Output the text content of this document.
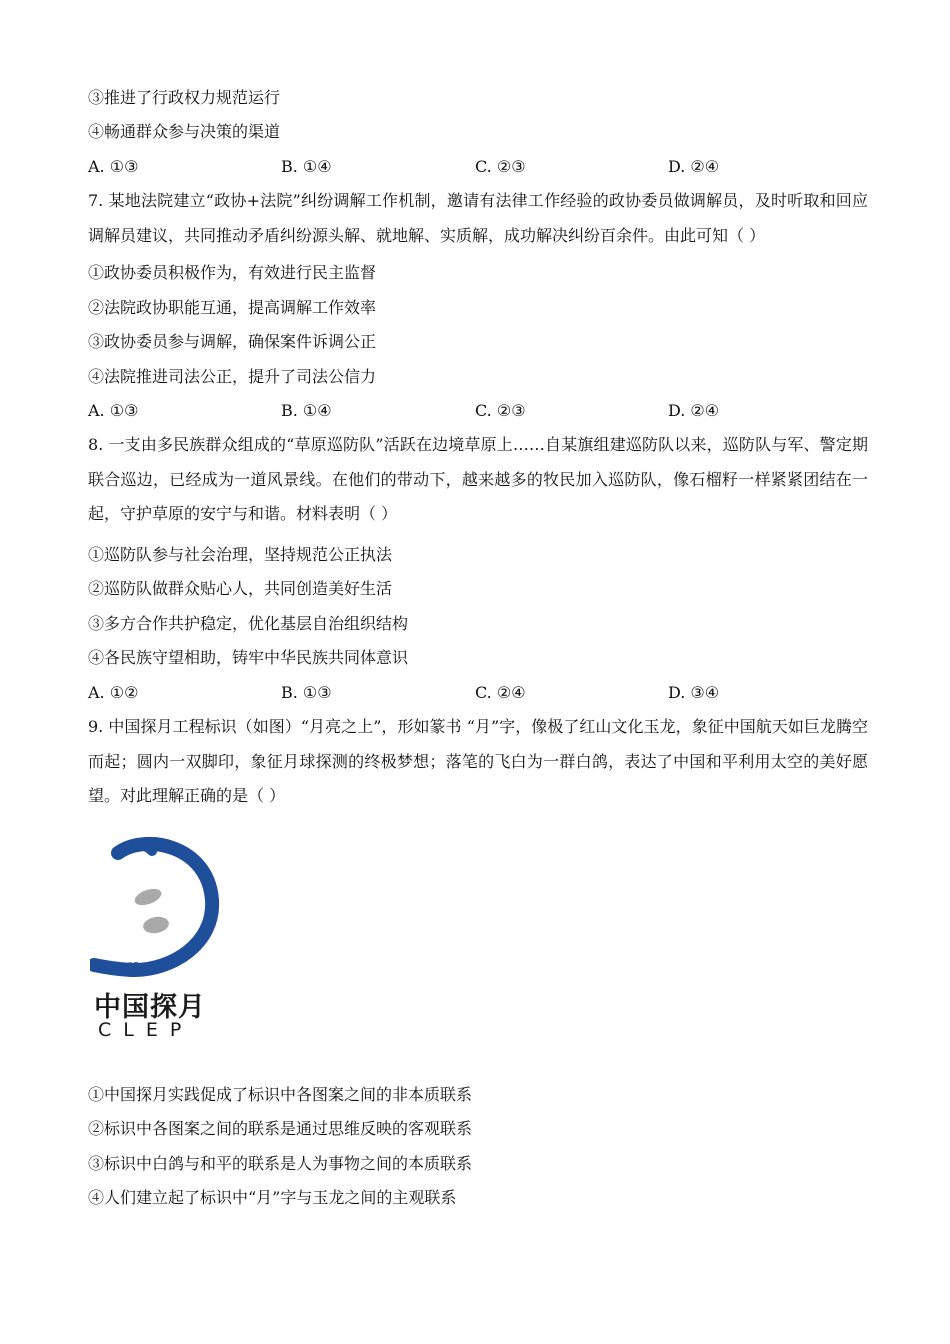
③推进了行政权力规范运行
④畅通群众参与决策的渠道
A. ①③	B. ①④	C. ②③	D. ②④
7. 某地法院建立“政协+法院”纠纷调解工作机制，邀请有法律工作经验的政协委员做调解员，及时听取和回应调解员建议，共同推动矛盾纠纷源头解、就地解、实质解，成功解决纠纷百余件。由此可知（ ）
①政协委员积极作为，有效进行民主监督
②法院政协职能互通，提高调解工作效率
③政协委员参与调解，确保案件诉调公正
④法院推进司法公正，提升了司法公信力
A. ①③	B. ①④	C. ②③	D. ②④
8. 一支由多民族群众组成的“草原巡防队”活跃在边境草原上……自某旗组建巡防队以来，巡防队与军、警定期联合巡边，已经成为一道风景线。在他们的带动下，越来越多的牧民加入巡防队，像石榴籽一样紧紧团结在一起，守护草原的安宁与和谐。材料表明（ ）
①巡防队参与社会治理，坚持规范公正执法
②巡防队做群众贴心人，共同创造美好生活
③多方合作共护稳定，优化基层自治组织结构
④各民族守望相助，铸牢中华民族共同体意识
A. ①②	B. ①③	C. ②④	D. ③④
9. 中国探月工程标识（如图）“月亮之上”，形如篆书 “月”字，像极了红山文化玉龙，象征中国航天如巨龙腾空而起；圆内一双脚印，象征月球探测的终极梦想；落笔的飞白为一群白鸽，表达了中国和平利用太空的美好愿望。对此理解正确的是（ ）
中国探月
CLEP
①中国探月实践促成了标识中各图案之间的非本质联系
②标识中各图案之间的联系是通过思维反映的客观联系
③标识中白鸽与和平的联系是人为事物之间的本质联系
④人们建立起了标识中“月”字与玉龙之间的主观联系
